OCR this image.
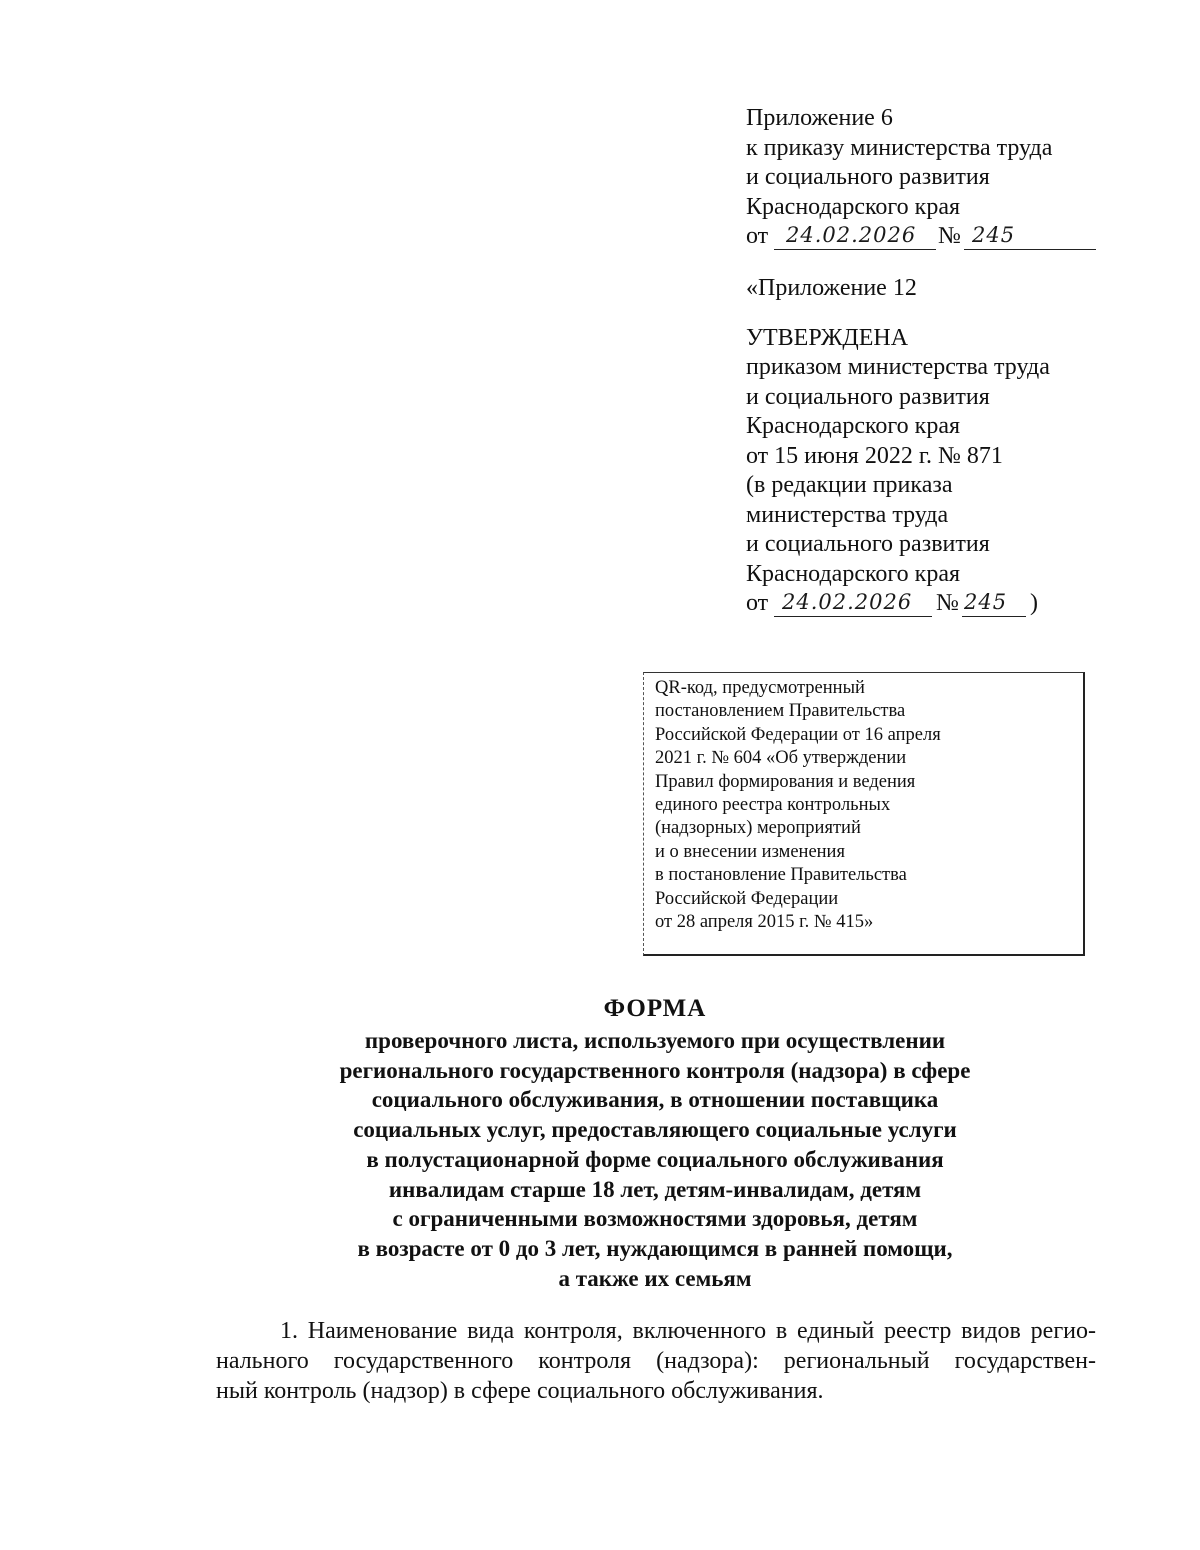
Приложение 6
к приказу министерства труда
и социального развития
Краснодарского края
от 24.02.2026 № 245
«Приложение 12
УТВЕРЖДЕНА
приказом министерства труда
и социального развития
Краснодарского края
от 15 июня 2022 г. № 871
(в редакции приказа
министерства труда
и социального развития
Краснодарского края
от 24.02.2026 № 245 )
QR-код, предусмотренный
постановлением Правительства
Российской Федерации от 16 апреля
2021 г. № 604 «Об утверждении
Правил формирования и ведения
единого реестра контрольных
(надзорных) мероприятий
и о внесении изменения
в постановление Правительства
Российской Федерации
от 28 апреля 2015 г. № 415»
ФОРМА
проверочного листа, используемого при осуществлении
регионального государственного контроля (надзора) в сфере
социального обслуживания, в отношении поставщика
социальных услуг, предоставляющего социальные услуги
в полустационарной форме социального обслуживания
инвалидам старше 18 лет, детям-инвалидам, детям
с ограниченными возможностями здоровья, детям
в возрасте от 0 до 3 лет, нуждающимся в ранней помощи,
а также их семьям
1. Наименование вида контроля, включенного в единый реестр видов регио-
нального государственного контроля (надзора): региональный государствен-
ный контроль (надзор) в сфере социального обслуживания.
